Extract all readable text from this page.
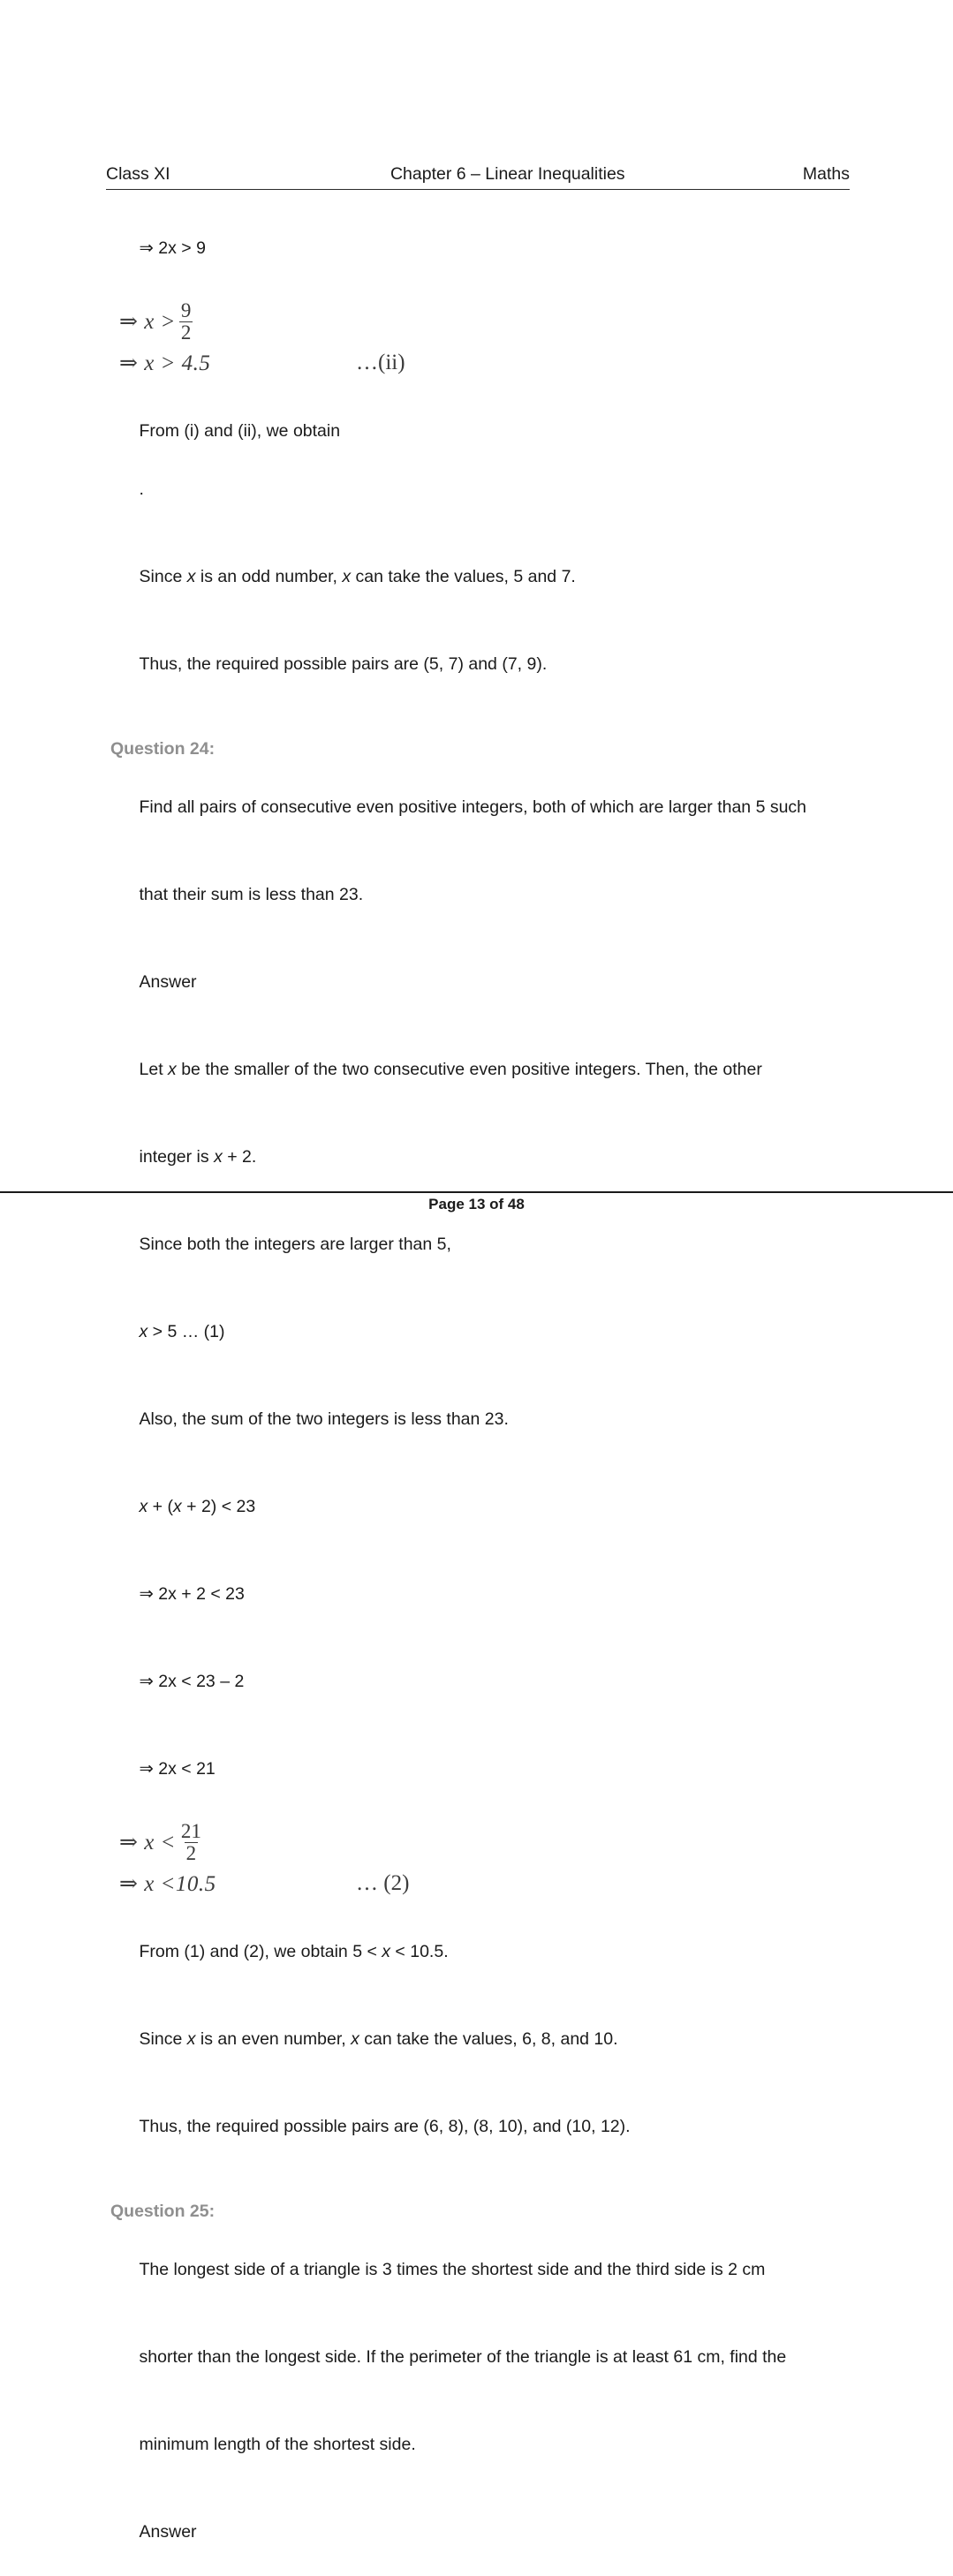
Class XI	Chapter 6 – Linear Inequalities	Maths

⇒ 2x > 9

⇒ $x > \frac{9}{2}$
⇒ x > 4.5	…(ii)

From (i) and (ii), we obtain

.

Since x is an odd number, x can take the values, 5 and 7.

Thus, the required possible pairs are (5, 7) and (7, 9).

Question 24:

Find all pairs of consecutive even positive integers, both of which are larger than 5 such

that their sum is less than 23.

Answer

Let x be the smaller of the two consecutive even positive integers. Then, the other

integer is x + 2.

Since both the integers are larger than 5,

x > 5 … (1)

Also, the sum of the two integers is less than 23.

x + (x + 2) < 23

⇒ 2x + 2 < 23

⇒ 2x < 23 – 2

⇒ 2x < 21

⇒ $x < \frac{21}{2}$
⇒ x <10.5	… (2)

From (1) and (2), we obtain 5 < x < 10.5.

Since x is an even number, x can take the values, 6, 8, and 10.

Thus, the required possible pairs are (6, 8), (8, 10), and (10, 12).

Question 25:

The longest side of a triangle is 3 times the shortest side and the third side is 2 cm

shorter than the longest side. If the perimeter of the triangle is at least 61 cm, find the

minimum length of the shortest side.

Answer

Page 13 of 48
